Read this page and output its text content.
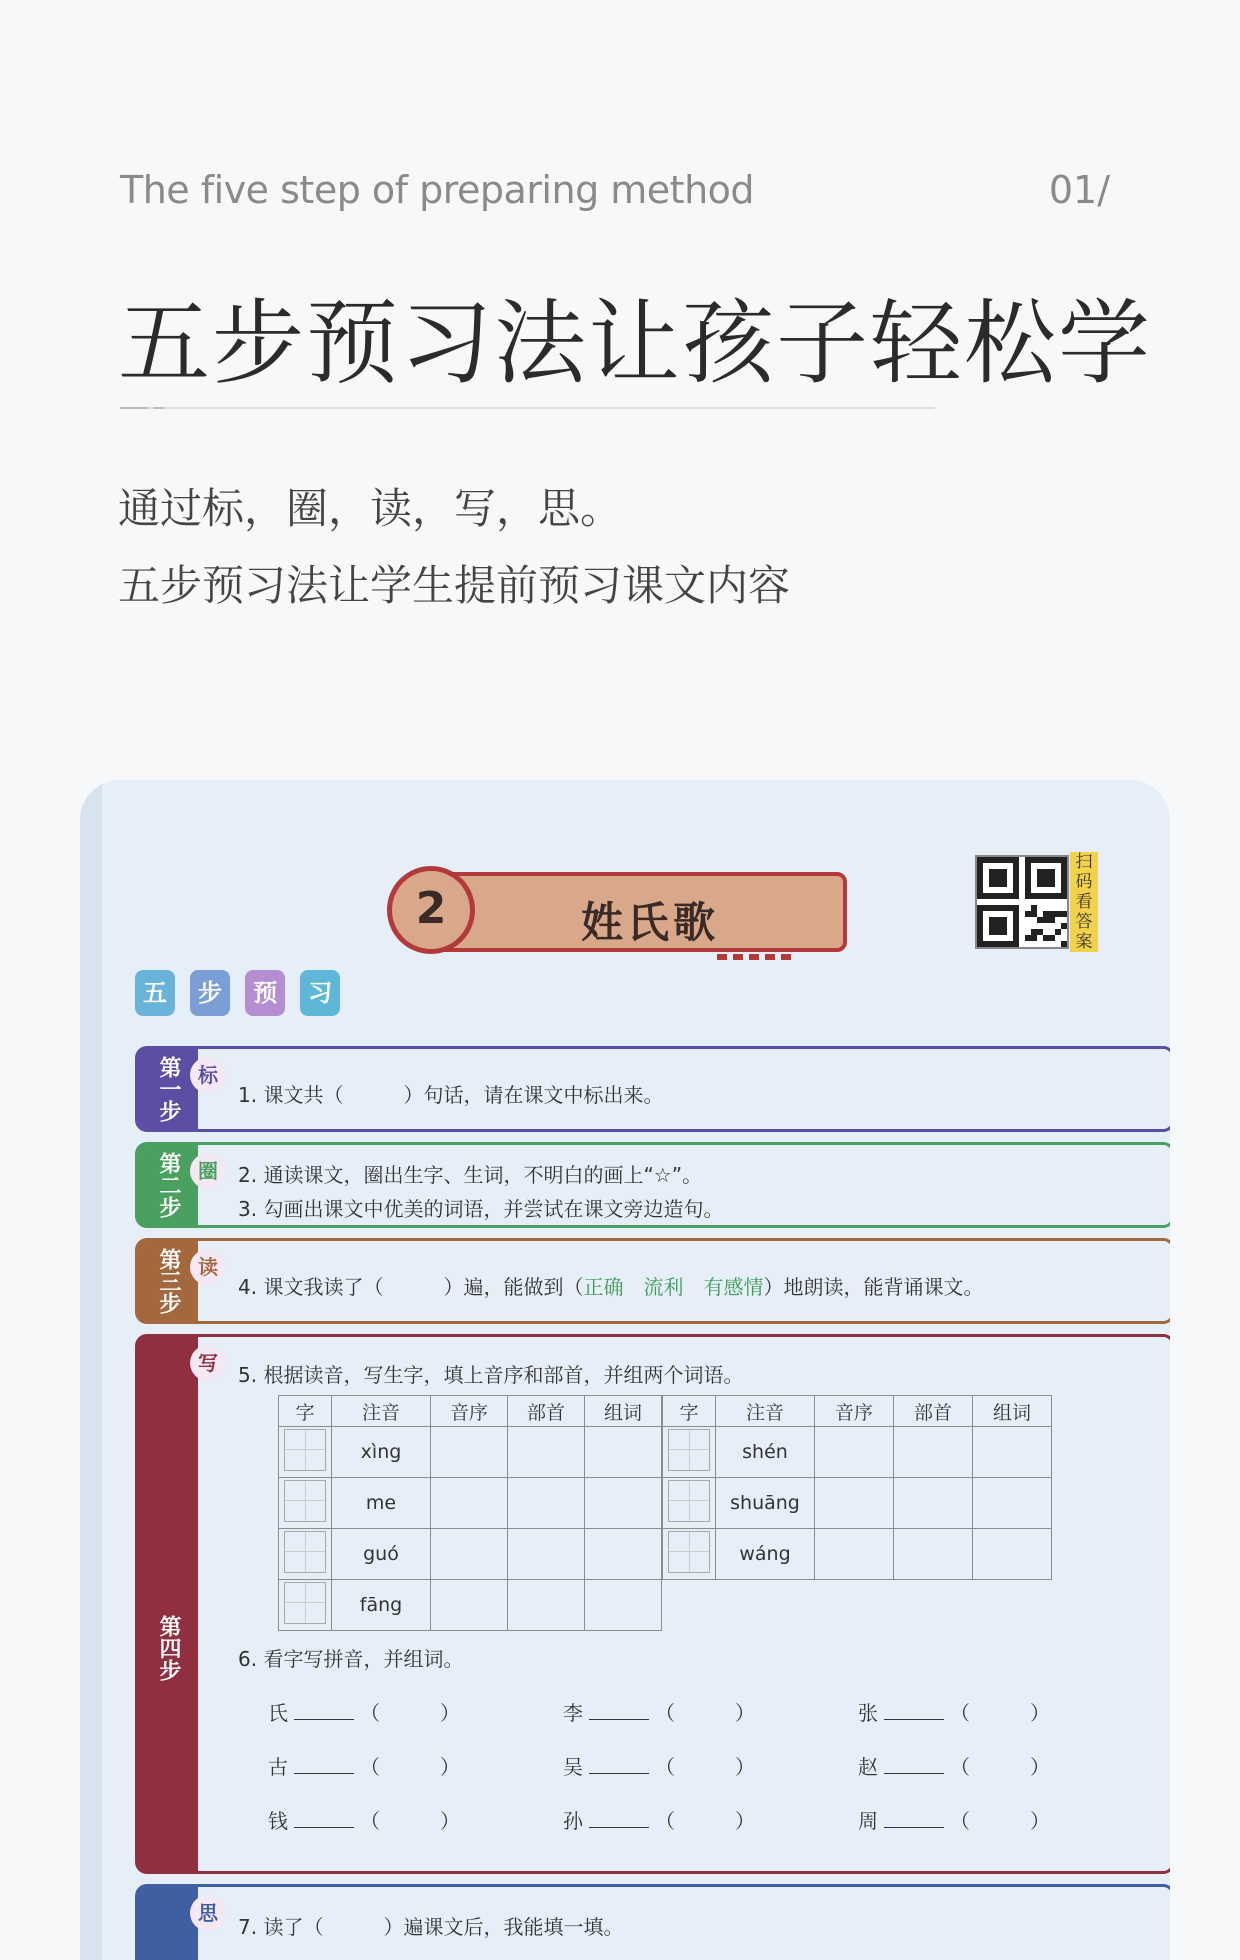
The five step of preparing method	01/
五步预习法让孩子轻松学
通过标，圈，读，写，思。
五步预习法让学生提前预习课文内容
姓氏歌
2
扫码看答案
五 步 预 习
第一步 标
1. 课文共（　　　）句话，请在课文中标出来。
第二步 圈	2. 通读课文，圈出生字、生词，不明白的画上“☆”。
3. 勾画出课文中优美的词语，并尝试在课文旁边造句。
第三步 读
4. 课文我读了（　　　）遍，能做到（正确　流利　有感情）地朗读，能背诵课文。
第四步
写	5. 根据读音，写生字，填上音序和部首，并组两个词语。
字	注音	音序	部首	组词
	xìng			
	me			
	guó			
	fāng			
字	注音	音序	部首	组词
	shén			
	shuāng			
	wáng			
6. 看字写拼音，并组词。
氏	（　　　）	李	（　　　）	张	（　　　）
古	（　　　）	吴	（　　　）	赵	（　　　）
钱	（　　　）	孙	（　　　）	周	（　　　）
思
7. 读了（　　　）遍课文后，我能填一填。
